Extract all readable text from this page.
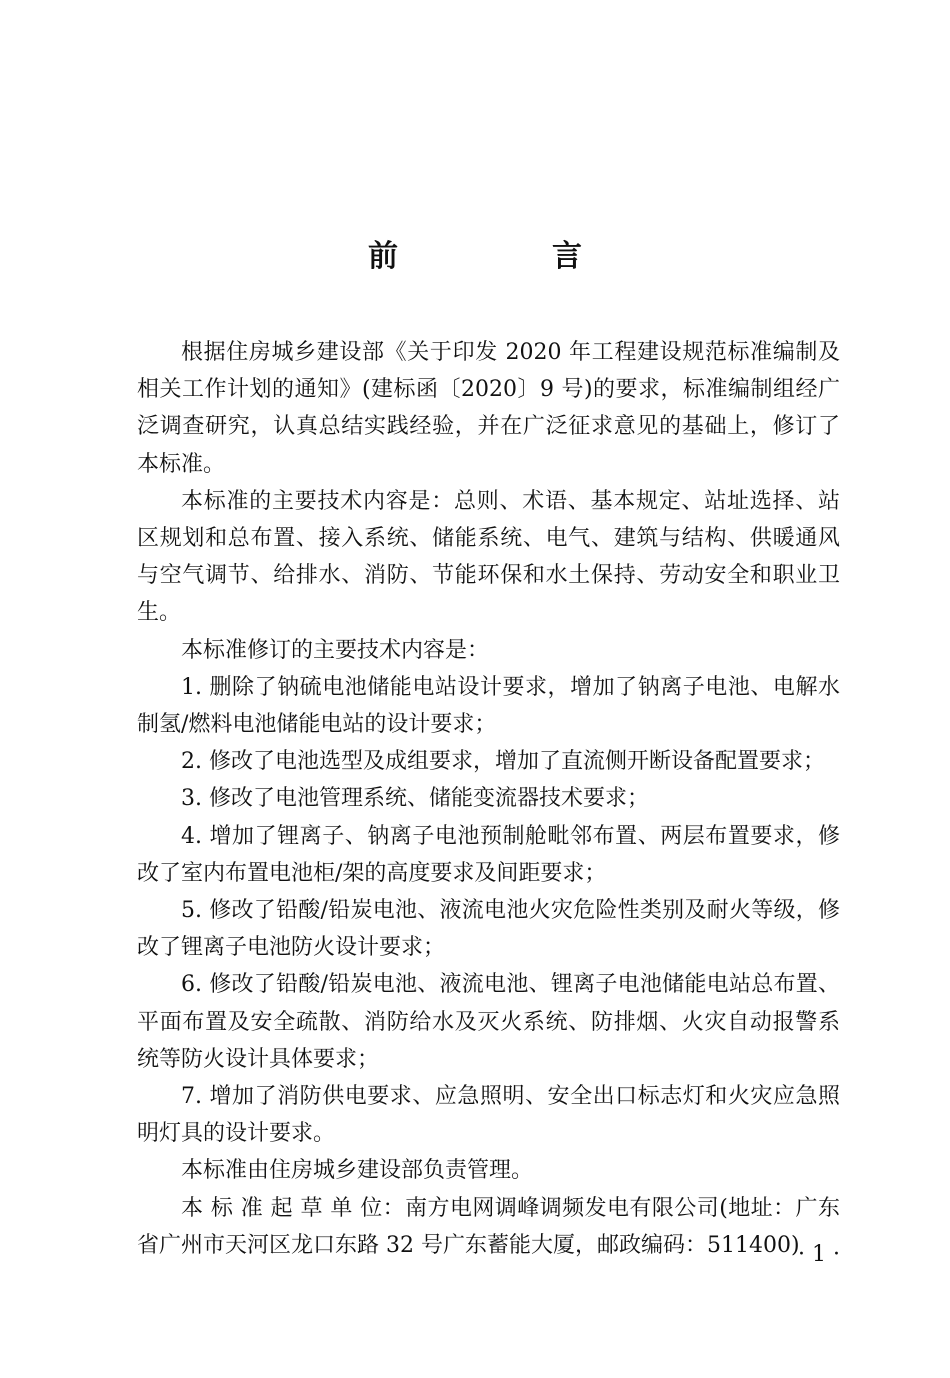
前　言

根据住房城乡建设部《关于印发 2020 年工程建设规范标准编制及相关工作计划的通知》(建标函〔2020〕9 号)的要求，标准编制组经广泛调查研究，认真总结实践经验，并在广泛征求意见的基础上，修订了本标准。

本标准的主要技术内容是：总则、术语、基本规定、站址选择、站区规划和总布置、接入系统、储能系统、电气、建筑与结构、供暖通风与空气调节、给排水、消防、节能环保和水土保持、劳动安全和职业卫生。

本标准修订的主要技术内容是：

1. 删除了钠硫电池储能电站设计要求，增加了钠离子电池、电解水制氢/燃料电池储能电站的设计要求；

2. 修改了电池选型及成组要求，增加了直流侧开断设备配置要求；

3. 修改了电池管理系统、储能变流器技术要求；

4. 增加了锂离子、钠离子电池预制舱毗邻布置、两层布置要求，修改了室内布置电池柜/架的高度要求及间距要求；

5. 修改了铅酸/铅炭电池、液流电池火灾危险性类别及耐火等级，修改了锂离子电池防火设计要求；

6. 修改了铅酸/铅炭电池、液流电池、锂离子电池储能电站总布置、平面布置及安全疏散、消防给水及灭火系统、防排烟、火灾自动报警系统等防火设计具体要求；

7. 增加了消防供电要求、应急照明、安全出口标志灯和火灾应急照明灯具的设计要求。

本标准由住房城乡建设部负责管理。

本 标 准 起 草 单 位：南方电网调峰调频发电有限公司(地址：广东省广州市天河区龙口东路 32 号广东蓄能大厦，邮政编码：511400)

· 1 ·
